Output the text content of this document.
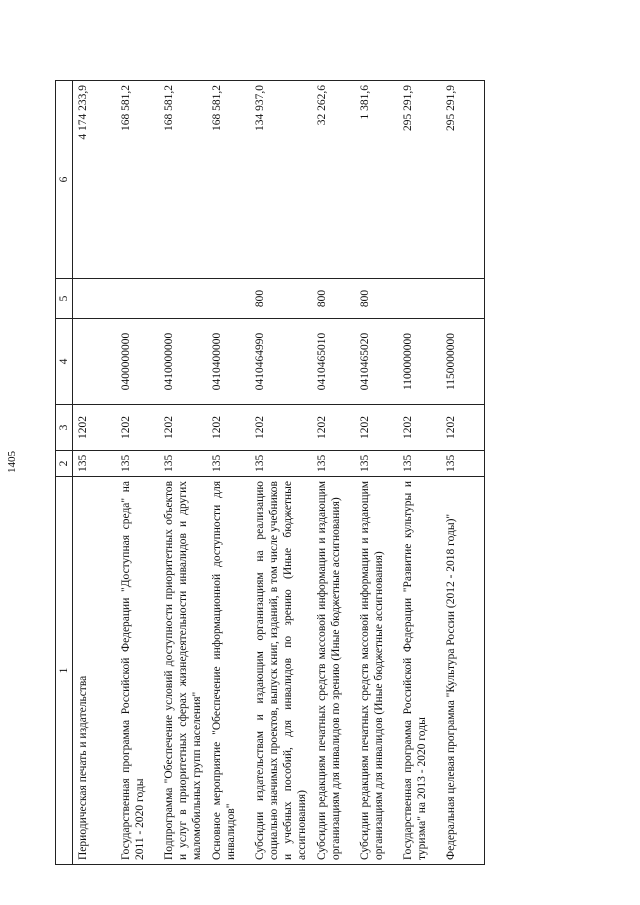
1405
1	2	3	4	5	6
Периодическая печать и издательства	135	1202			4 174 233,9
Государственная программа Российской Федерации "Доступная среда" на 2011 - 2020 годы	135	1202	0400000000		168 581,2
Подпрограмма "Обеспечение условий доступности приоритетных объектов и услуг в приоритетных сферах жизнедеятельности инвалидов и других маломобильных групп населения"	135	1202	0410000000		168 581,2
Основное мероприятие "Обеспечение информационной доступности для инвалидов"	135	1202	0410400000		168 581,2
Субсидии издательствам и издающим организациям на реализацию социально значимых проектов, выпуск книг, изданий, в том числе учебников и учебных пособий, для инвалидов по зрению (Иные бюджетные ассигнования)	135	1202	0410464990	800	134 937,0
Субсидии редакциям печатных средств массовой информации и издающим организациям для инвалидов по зрению (Иные бюджетные ассигнования)	135	1202	0410465010	800	32 262,6
Субсидии редакциям печатных средств массовой информации и издающим организациям для инвалидов (Иные бюджетные ассигнования)	135	1202	0410465020	800	1 381,6
Государственная программа Российской Федерации "Развитие культуры и туризма" на 2013 - 2020 годы	135	1202	1100000000		295 291,9
Федеральная целевая программа "Культура России (2012 - 2018 годы)"	135	1202	1150000000		295 291,9
